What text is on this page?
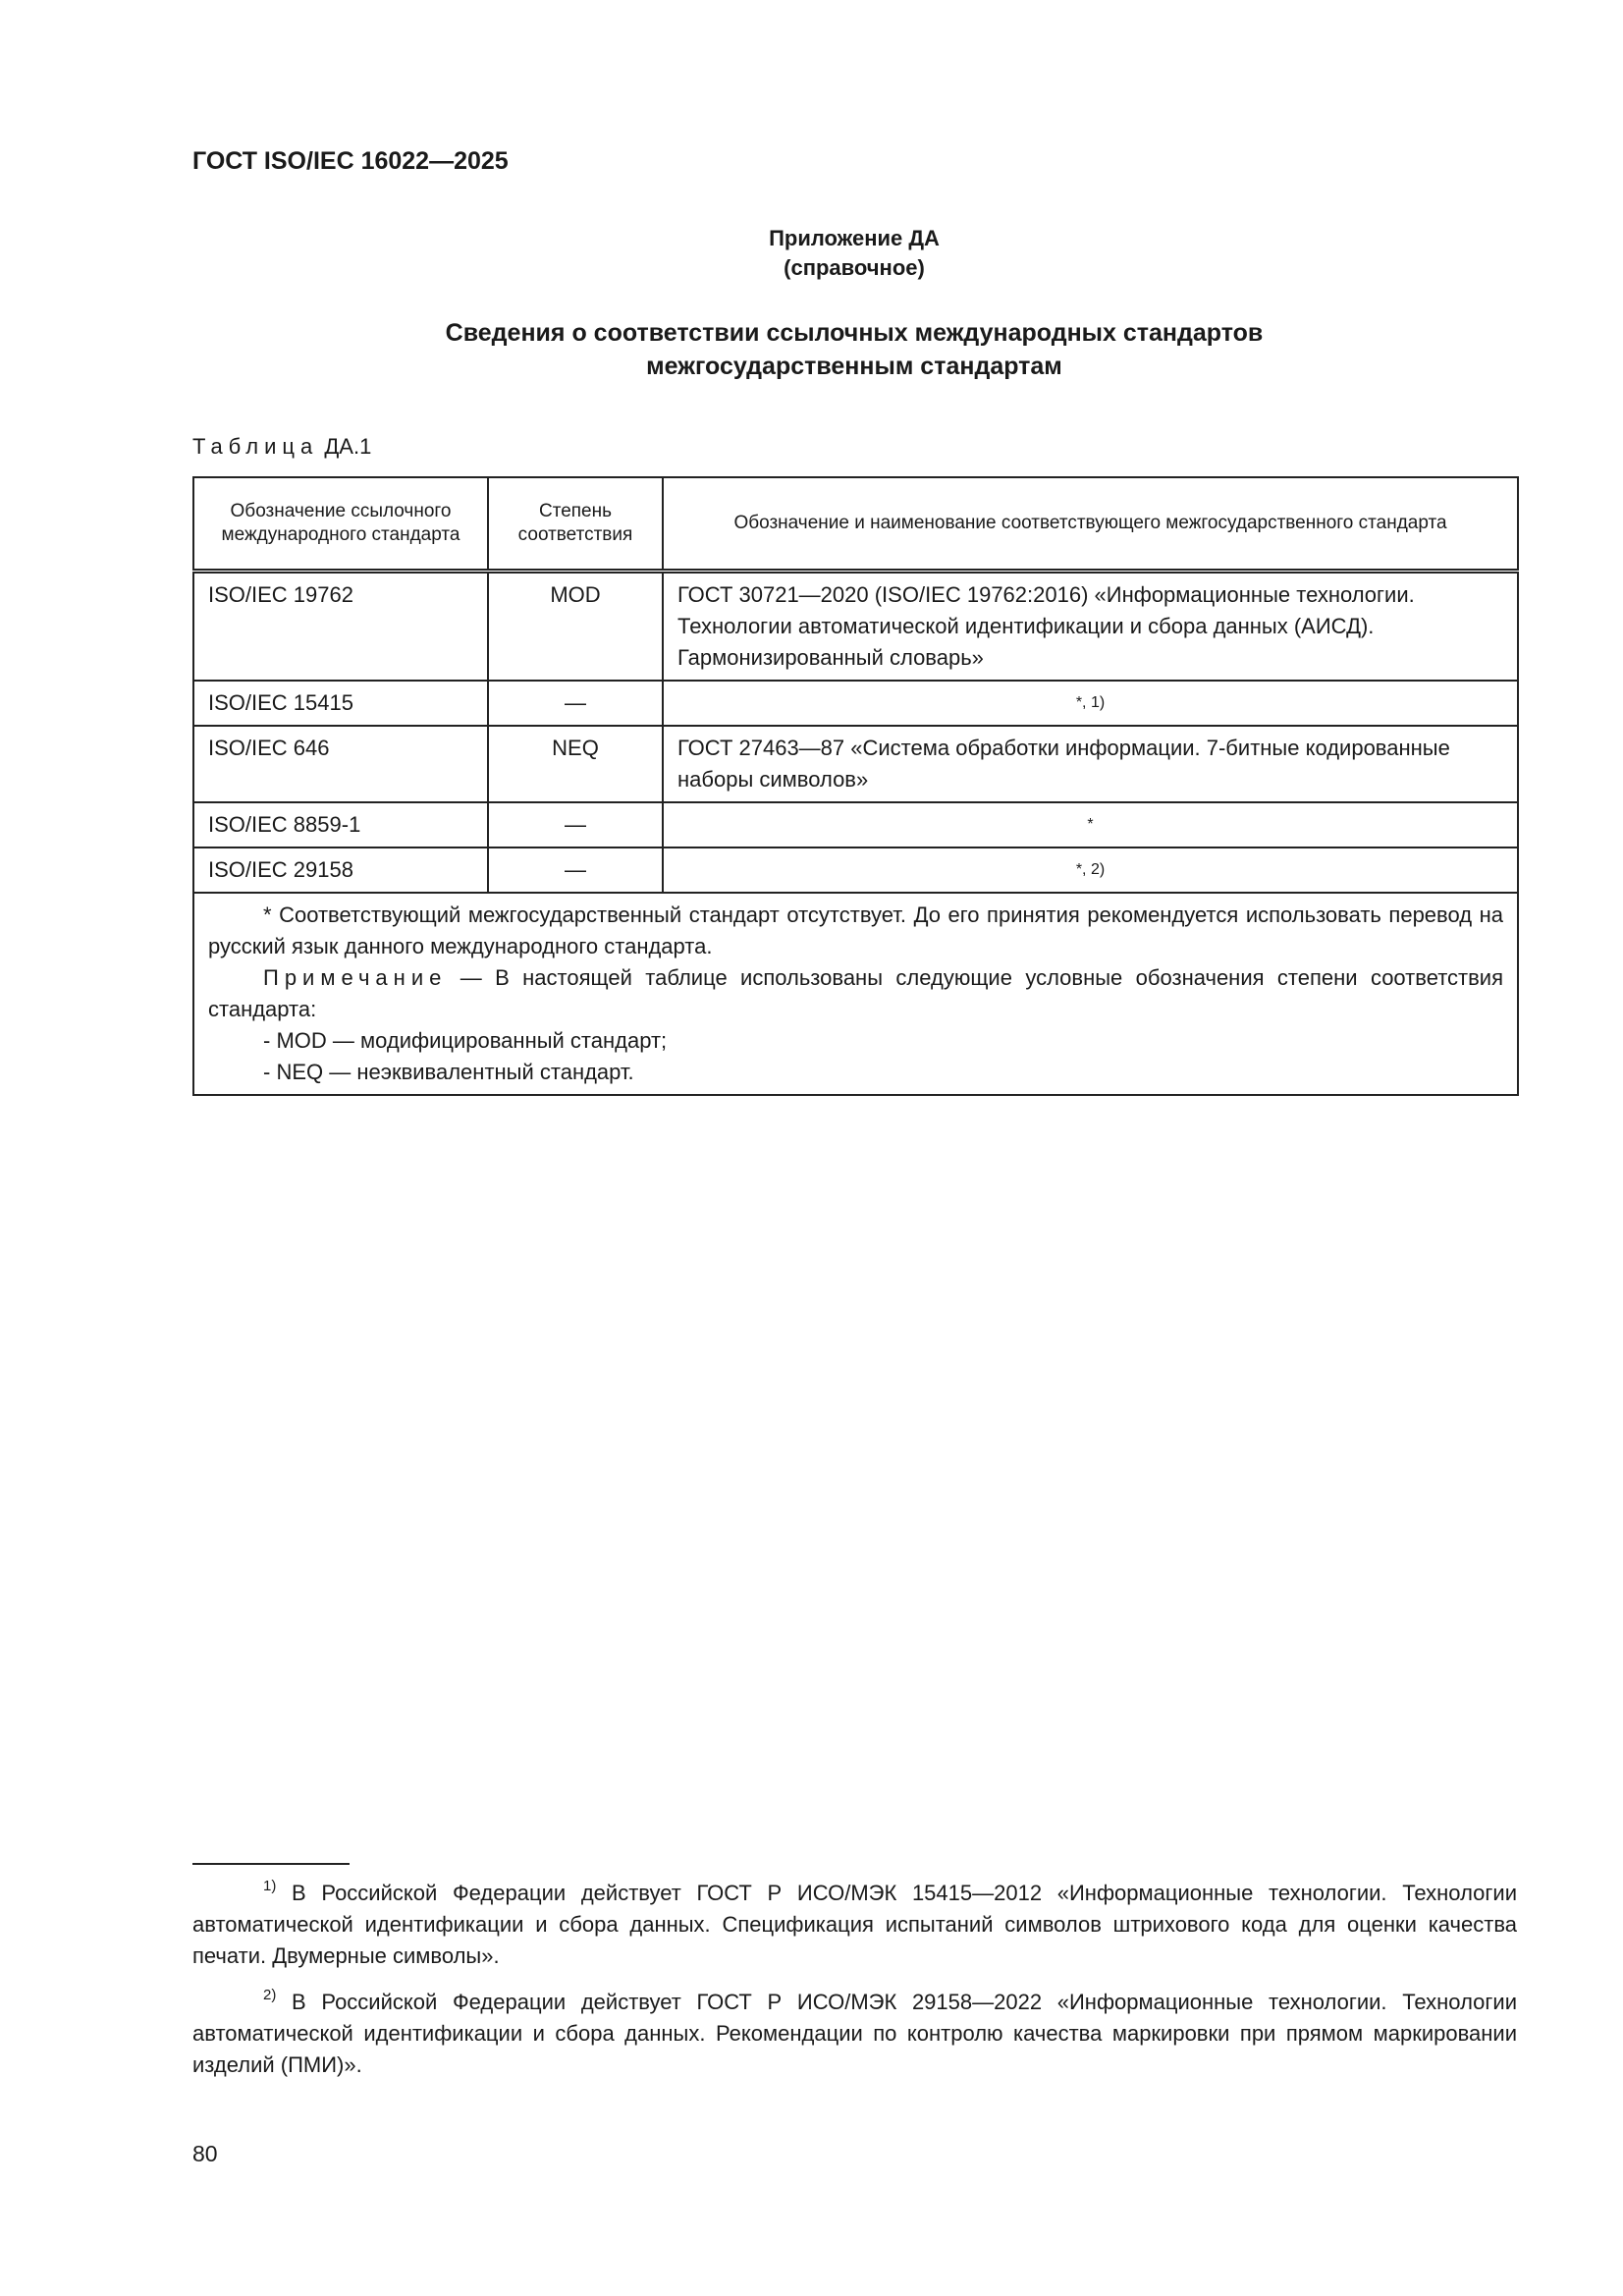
ГОСТ ISO/IEC 16022—2025
Приложение ДА
(справочное)
Сведения о соответствии ссылочных международных стандартов
межгосударственным стандартам
Таблица ДА.1
Обозначение ссылочного международного стандарта	Степень соответствия	Обозначение и наименование соответствующего межгосударственного стандарта
ISO/IEC 19762	MOD	ГОСТ 30721—2020 (ISO/IEC 19762:2016) «Информационные технологии. Технологии автоматической идентификации и сбора данных (АИСД). Гармонизированный словарь»
ISO/IEC 15415	—	*, 1)
ISO/IEC 646	NEQ	ГОСТ 27463—87 «Система обработки информации. 7-битные кодированные наборы символов»
ISO/IEC 8859-1	—	*
ISO/IEC 29158	—	*, 2)

* Соответствующий межгосударственный стандарт отсутствует. До его принятия рекомендуется использовать перевод на русский язык данного международного стандарта.
Примечание — В настоящей таблице использованы следующие условные обозначения степени соответствия стандарта:
- MOD — модифицированный стандарт;
- NEQ — неэквивалентный стандарт.		

$^{1)}$ В Российской Федерации действует ГОСТ Р ИСО/МЭК 15415—2012 «Информационные технологии. Технологии автоматической идентификации и сбора данных. Спецификация испытаний символов штрихового кода для оценки качества печати. Двумерные символы».

$^{2)}$ В Российской Федерации действует ГОСТ Р ИСО/МЭК 29158—2022 «Информационные технологии. Технологии автоматической идентификации и сбора данных. Рекомендации по контролю качества маркировки при прямом маркировании изделий (ПМИ)».

80
